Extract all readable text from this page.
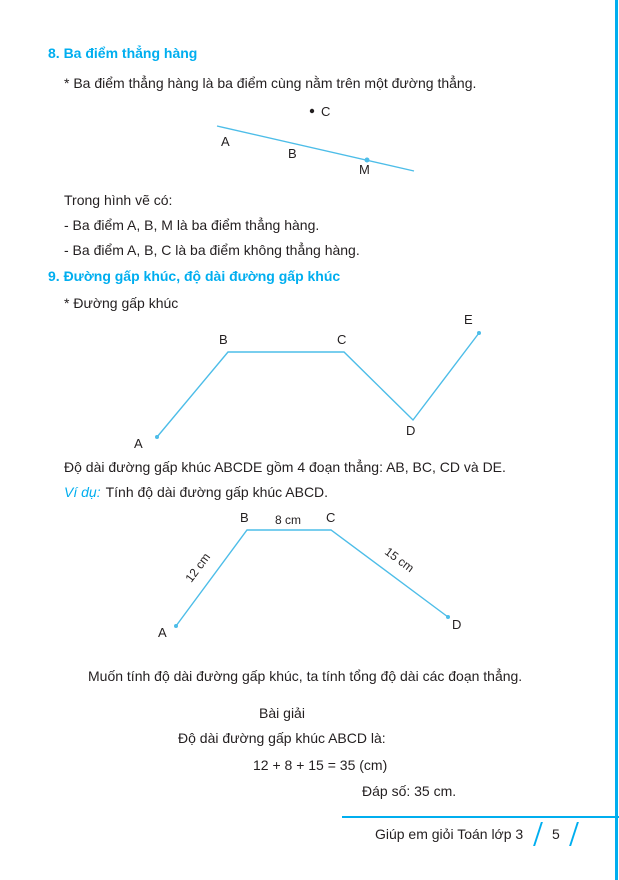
8. Ba điểm thẳng hàng

* Ba điểm thẳng hàng là ba điểm cùng nằm trên một đường thẳng.

A
B
M
C

Trong hình vẽ có:

- Ba điểm A, B, M là ba điểm thẳng hàng.

- Ba điểm A, B, C là ba điểm không thẳng hàng.

9. Đường gấp khúc, độ dài đường gấp khúc

* Đường gấp khúc

A
B	C
D
E

Độ dài đường gấp khúc ABCDE gồm 4 đoạn thẳng: AB, BC, CD và DE.

Ví dụ: Tính độ dài đường gấp khúc ABCD.

A
B	C
D
8 cm
12 cm	15 cm

Muốn tính độ dài đường gấp khúc, ta tính tổng độ dài các đoạn thẳng.

Bài giải

Độ dài đường gấp khúc ABCD là:

12 + 8 + 15 = 35 (cm)

Đáp số: 35 cm.

Giúp em giỏi Toán lớp 3 5
